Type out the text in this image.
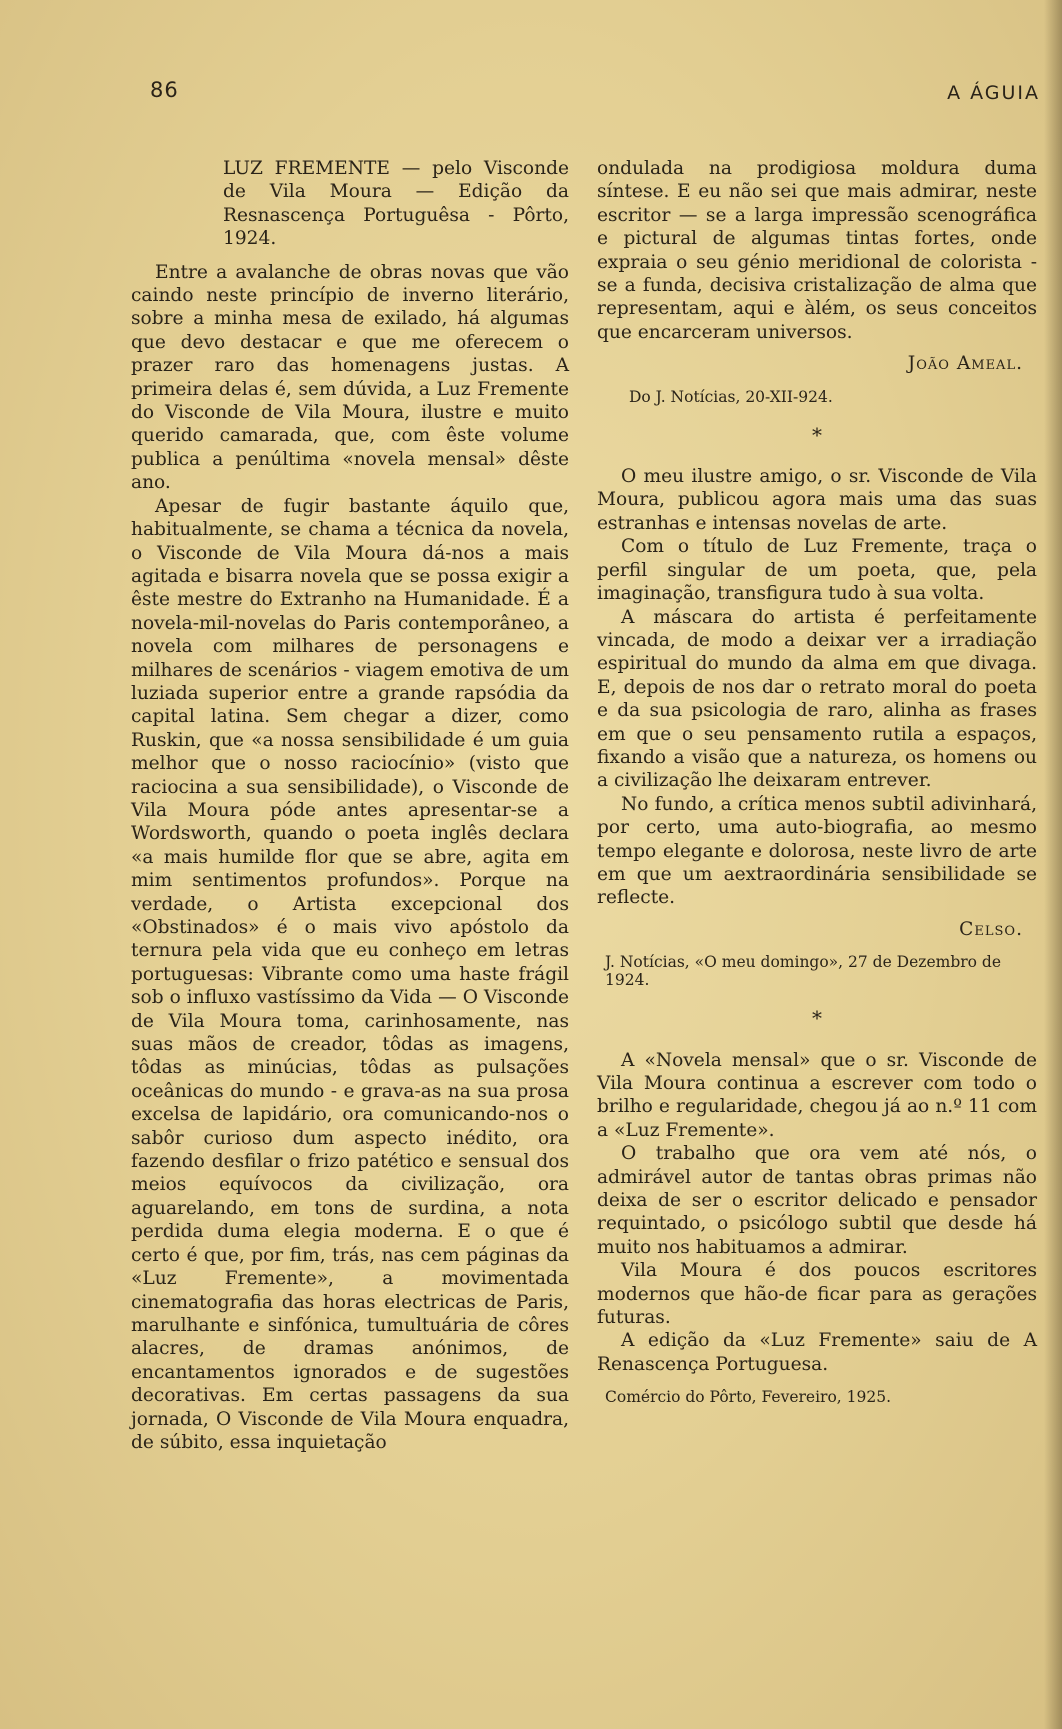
86	A ÁGUIA

LUZ FREMENTE — pelo Visconde de Vila Moura — Edição da Resnascença Portuguêsa - Pôrto, 1924.

Entre a avalanche de obras novas que vão caindo neste princípio de inverno literário, sobre a minha mesa de exilado, há algumas que devo destacar e que me oferecem o prazer raro das homenagens justas. A primeira delas é, sem dúvida, a Luz Fremente do Visconde de Vila Moura, ilustre e muito querido camarada, que, com êste volume publica a penúltima «novela mensal» dêste ano.

Apesar de fugir bastante áquilo que, habitualmente, se chama a técnica da novela, o Visconde de Vila Moura dá-nos a mais agitada e bisarra novela que se possa exigir a êste mestre do Extranho na Humanidade. É a novela-mil-novelas do Paris contemporâneo, a novela com milhares de personagens e milhares de scenários - viagem emotiva de um luziada superior entre a grande rapsódia da capital latina. Sem chegar a dizer, como Ruskin, que «a nossa sensibilidade é um guia melhor que o nosso raciocínio» (visto que raciocina a sua sensibilidade), o Visconde de Vila Moura póde antes apresentar-se a Wordsworth, quando o poeta inglês declara «a mais humilde flor que se abre, agita em mim sentimentos profundos». Porque na verdade, o Artista excepcional dos «Obstinados» é o mais vivo apóstolo da ternura pela vida que eu conheço em letras portuguesas: Vibrante como uma haste frágil sob o influxo vastíssimo da Vida — O Visconde de Vila Moura toma, carinhosamente, nas suas mãos de creador, tôdas as imagens, tôdas as minúcias, tôdas as pulsações oceânicas do mundo - e grava-as na sua prosa excelsa de lapidário, ora comunicando-nos o sabôr curioso dum aspecto inédito, ora fazendo desfilar o frizo patético e sensual dos meios equívocos da civilização, ora aguarelando, em tons de surdina, a nota perdida duma elegia moderna. E o que é certo é que, por fim, trás, nas cem páginas da «Luz Fremente», a movimentada cinematografia das horas electricas de Paris, marulhante e sinfónica, tumultuária de côres alacres, de dramas anónimos, de encantamentos ignorados e de sugestões decorativas. Em certas passagens da sua jornada, O Visconde de Vila Moura enquadra, de súbito, essa inquietação

ondulada na prodigiosa moldura duma síntese. E eu não sei que mais admirar, neste escritor — se a larga impressão scenográfica e pictural de algumas tintas fortes, onde expraia o seu génio meridional de colorista - se a funda, decisiva cristalização de alma que representam, aqui e àlém, os seus conceitos que encarceram universos.

João Ameal.

Do J. Notícias, 20-XII-924.

*

O meu ilustre amigo, o sr. Visconde de Vila Moura, publicou agora mais uma das suas estranhas e intensas novelas de arte.

Com o título de Luz Fremente, traça o perfil singular de um poeta, que, pela imaginação, transfigura tudo à sua volta.

A máscara do artista é perfeitamente vincada, de modo a deixar ver a irradiação espiritual do mundo da alma em que divaga. E, depois de nos dar o retrato moral do poeta e da sua psicologia de raro, alinha as frases em que o seu pensamento rutila a espaços, fixando a visão que a natureza, os homens ou a civilização lhe deixaram entrever.

No fundo, a crítica menos subtil adivinhará, por certo, uma auto-biografia, ao mesmo tempo elegante e dolorosa, neste livro de arte em que um aextraordinária sensibilidade se reflecte.

Celso.

J. Notícias, «O meu domingo», 27 de Dezembro de 1924.

*

A «Novela mensal» que o sr. Visconde de Vila Moura continua a escrever com todo o brilho e regularidade, chegou já ao n.º 11 com a «Luz Fremente».

O trabalho que ora vem até nós, o admirável autor de tantas obras primas não deixa de ser o escritor delicado e pensador requintado, o psicólogo subtil que desde há muito nos habituamos a admirar.

Vila Moura é dos poucos escritores modernos que hão-de ficar para as gerações futuras.

A edição da «Luz Fremente» saiu de A Renascença Portuguesa.

Comércio do Pôrto, Fevereiro, 1925.
